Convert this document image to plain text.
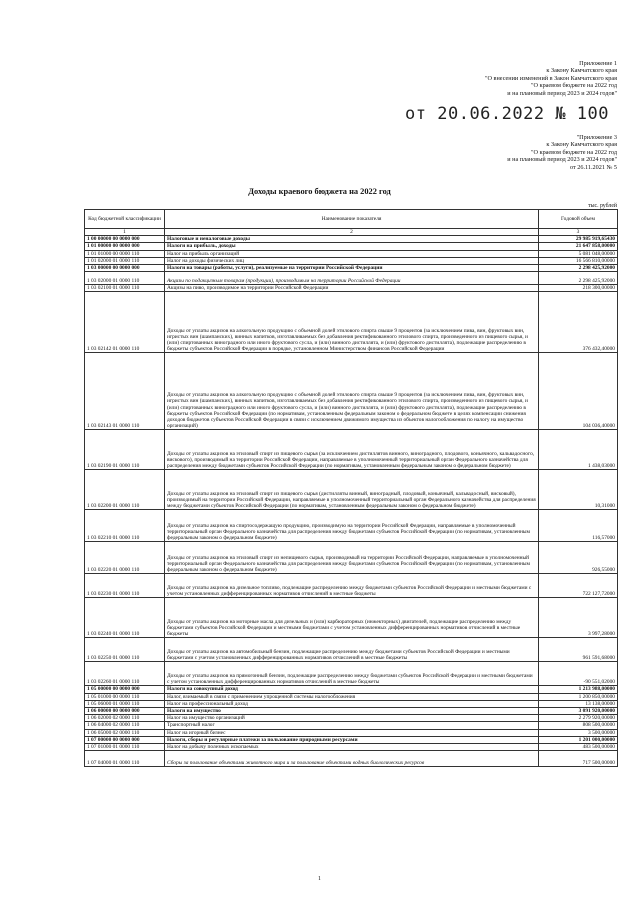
Приложение 1
к Закону Камчатского края
"О внесении изменений в Закон Камчатского края
"О краевом бюджете на 2022 год
и на плановый период 2023 и 2024 годов"
от 20.06.2022 № 100
"Приложение 3
к Закону Камчатского края
"О краевом бюджете на 2022 год
и на плановый период 2023 и 2024 годов"
от 26.11.2021 № 5
Доходы краевого бюджета на 2022 год
тыс. рублей
Код бюджетной классификации	Наименование показателя	Годовой объем
1	2	3
1 00 00000 00 0000 000	Налоговые и неналоговые доходы	29 985 919,65430
1 01 00000 00 0000 000	Налоги на прибыль, доходы	21 647 858,00000
1 01 01000 00 0000 110	Налог на прибыль организаций	5 081 048,00000
1 01 02000 01 0000 110	Налог на доходы физических лиц	16 566 810,00000
1 03 00000 00 0000 000	Налоги на товары (работы, услуги), реализуемые на территории Российской Федерации	2 298 425,92000
1 03 02000 01 0000 110	Акцизы по подакцизным товарам (продукции), производимым на территории Российской Федерации	2 298 425,92000
1 03 02100 01 0000 110	Акцизы на пиво, производимое на территории Российской Федерации	218 300,00000
1 03 02142 01 0000 110	Доходы от уплаты акцизов на алкогольную продукцию с объемной долей этилового спирта свыше 9 процентов (за исключением пива, вин, фруктовых вин, игристых вин (шампанских), винных напитков, изготавливаемых без добавления ректификованного этилового спирта, произведенного из пищевого сырья, и (или) спиртованных виноградного или иного фруктового сусла, и (или) винного дистиллята, и (или) фруктового дистиллята), подлежащие распределению в бюджеты субъектов Российской Федерации в порядке, установленном Министерством финансов Российской Федерации	376 432,40000
1 03 02143 01 0000 110	Доходы от уплаты акцизов на алкогольную продукцию с объемной долей этилового спирта свыше 9 процентов (за исключением пива, вин, фруктовых вин, игристых вин (шампанских), винных напитков, изготавливаемых без добавления ректификованного этилового спирта, произведенного из пищевого сырья, и (или) спиртованных виноградного или иного фруктового сусла, и (или) винного дистиллята, и (или) фруктового дистиллята), подлежащие распределению в бюджеты субъектов Российской Федерации (по нормативам, установленным федеральным законом о федеральном бюджете в целях компенсации снижения доходов бюджетов субъектов Российской Федерации в связи с исключением движимого имущества из объектов налогообложения по налогу на имущество организаций)	104 036,40000
1 03 02190 01 0000 110	Доходы от уплаты акцизов на этиловый спирт из пищевого сырья (за исключением дистиллятов винного, виноградного, плодового, коньячного, кальвадосного, вискового), производимый на территории Российской Федерации, направляемые в уполномоченный территориальный орган Федерального казначейства для распределения между бюджетами субъектов Российской Федерации (по нормативам, установленным федеральным законом о федеральном бюджете)	1 438,03000
1 03 02200 01 0000 110	Доходы от уплаты акцизов на этиловый спирт из пищевого сырья (дистилляты винный, виноградный, плодовый, коньячный, кальвадосный, висковый), производимый на территории Российской Федерации, направляемые в уполномоченный территориальный орган Федерального казначейства для распределения между бюджетами субъектов Российской Федерации (по нормативам, установленным федеральным законом о федеральном бюджете)	10,31000
1 03 02210 01 0000 110	Доходы от уплаты акцизов на спиртосодержащую продукцию, производимую на территории Российской Федерации, направляемые в уполномоченный территориальный орган Федерального казначейства для распределения между бюджетами субъектов Российской Федерации (по нормативам, установленным федеральным законом о федеральном бюджете)	116,57000
1 03 02220 01 0000 110	Доходы от уплаты акцизов на этиловый спирт из непищевого сырья, производимый на территории Российской Федерации, направляемые в уполномоченный территориальный орган Федерального казначейства для распределения между бюджетами субъектов Российской Федерации (по нормативам, установленным федеральным законом о федеральном бюджете)	926,55000
1 03 02230 01 0000 110	Доходы от уплаты акцизов на дизельное топливо, подлежащие распределению между бюджетами субъектов Российской Федерации и местными бюджетами с учетом установленных дифференцированных нормативов отчислений в местные бюджеты	722 127,72000
1 03 02240 01 0000 110	Доходы от уплаты акцизов на моторные масла для дизельных и (или) карбюраторных (инжекторных) двигателей, подлежащие распределению между бюджетами субъектов Российской Федерации и местными бюджетами с учетом установленных дифференцированных нормативов отчислений в местные бюджеты	3 997,28000
1 03 02250 01 0000 110	Доходы от уплаты акцизов на автомобильный бензин, подлежащие распределению между бюджетами субъектов Российской Федерации и местными бюджетами с учетом установленных дифференцированных нормативов отчислений в местные бюджеты	961 591,68000
1 03 02260 01 0000 110	Доходы от уплаты акцизов на прямогонный бензин, подлежащие распределению между бюджетами субъектов Российской Федерации и местными бюджетами с учетом установленных дифференцированных нормативов отчислений в местные бюджеты	-90 551,02000
1 05 00000 00 0000 000	Налоги на совокупный доход	1 213 988,00000
1 05 01000 00 0000 110	Налог, взимаемый в связи с применением упрощенной системы налогообложения	1 200 850,00000
1 05 06000 01 0000 110	Налог на профессиональный доход	13 138,00000
1 06 00000 00 0000 000	Налоги на имущество	3 091 920,00000
1 06 02000 02 0000 110	Налог на имущество организаций	2 279 920,00000
1 06 04000 02 0000 110	Транспортный налог	808 500,00000
1 06 05000 02 0000 110	Налог на игорный бизнес	3 500,00000
1 07 00000 00 0000 000	Налоги, сборы и регулярные платежи за пользование природными ресурсами	1 201 000,00000
1 07 01000 01 0000 110	Налог на добычу полезных ископаемых	483 500,00000
1 07 04000 01 0000 110	Сборы за пользование объектами животного мира и за пользование объектами водных биологических ресурсов	717 500,00000
1
